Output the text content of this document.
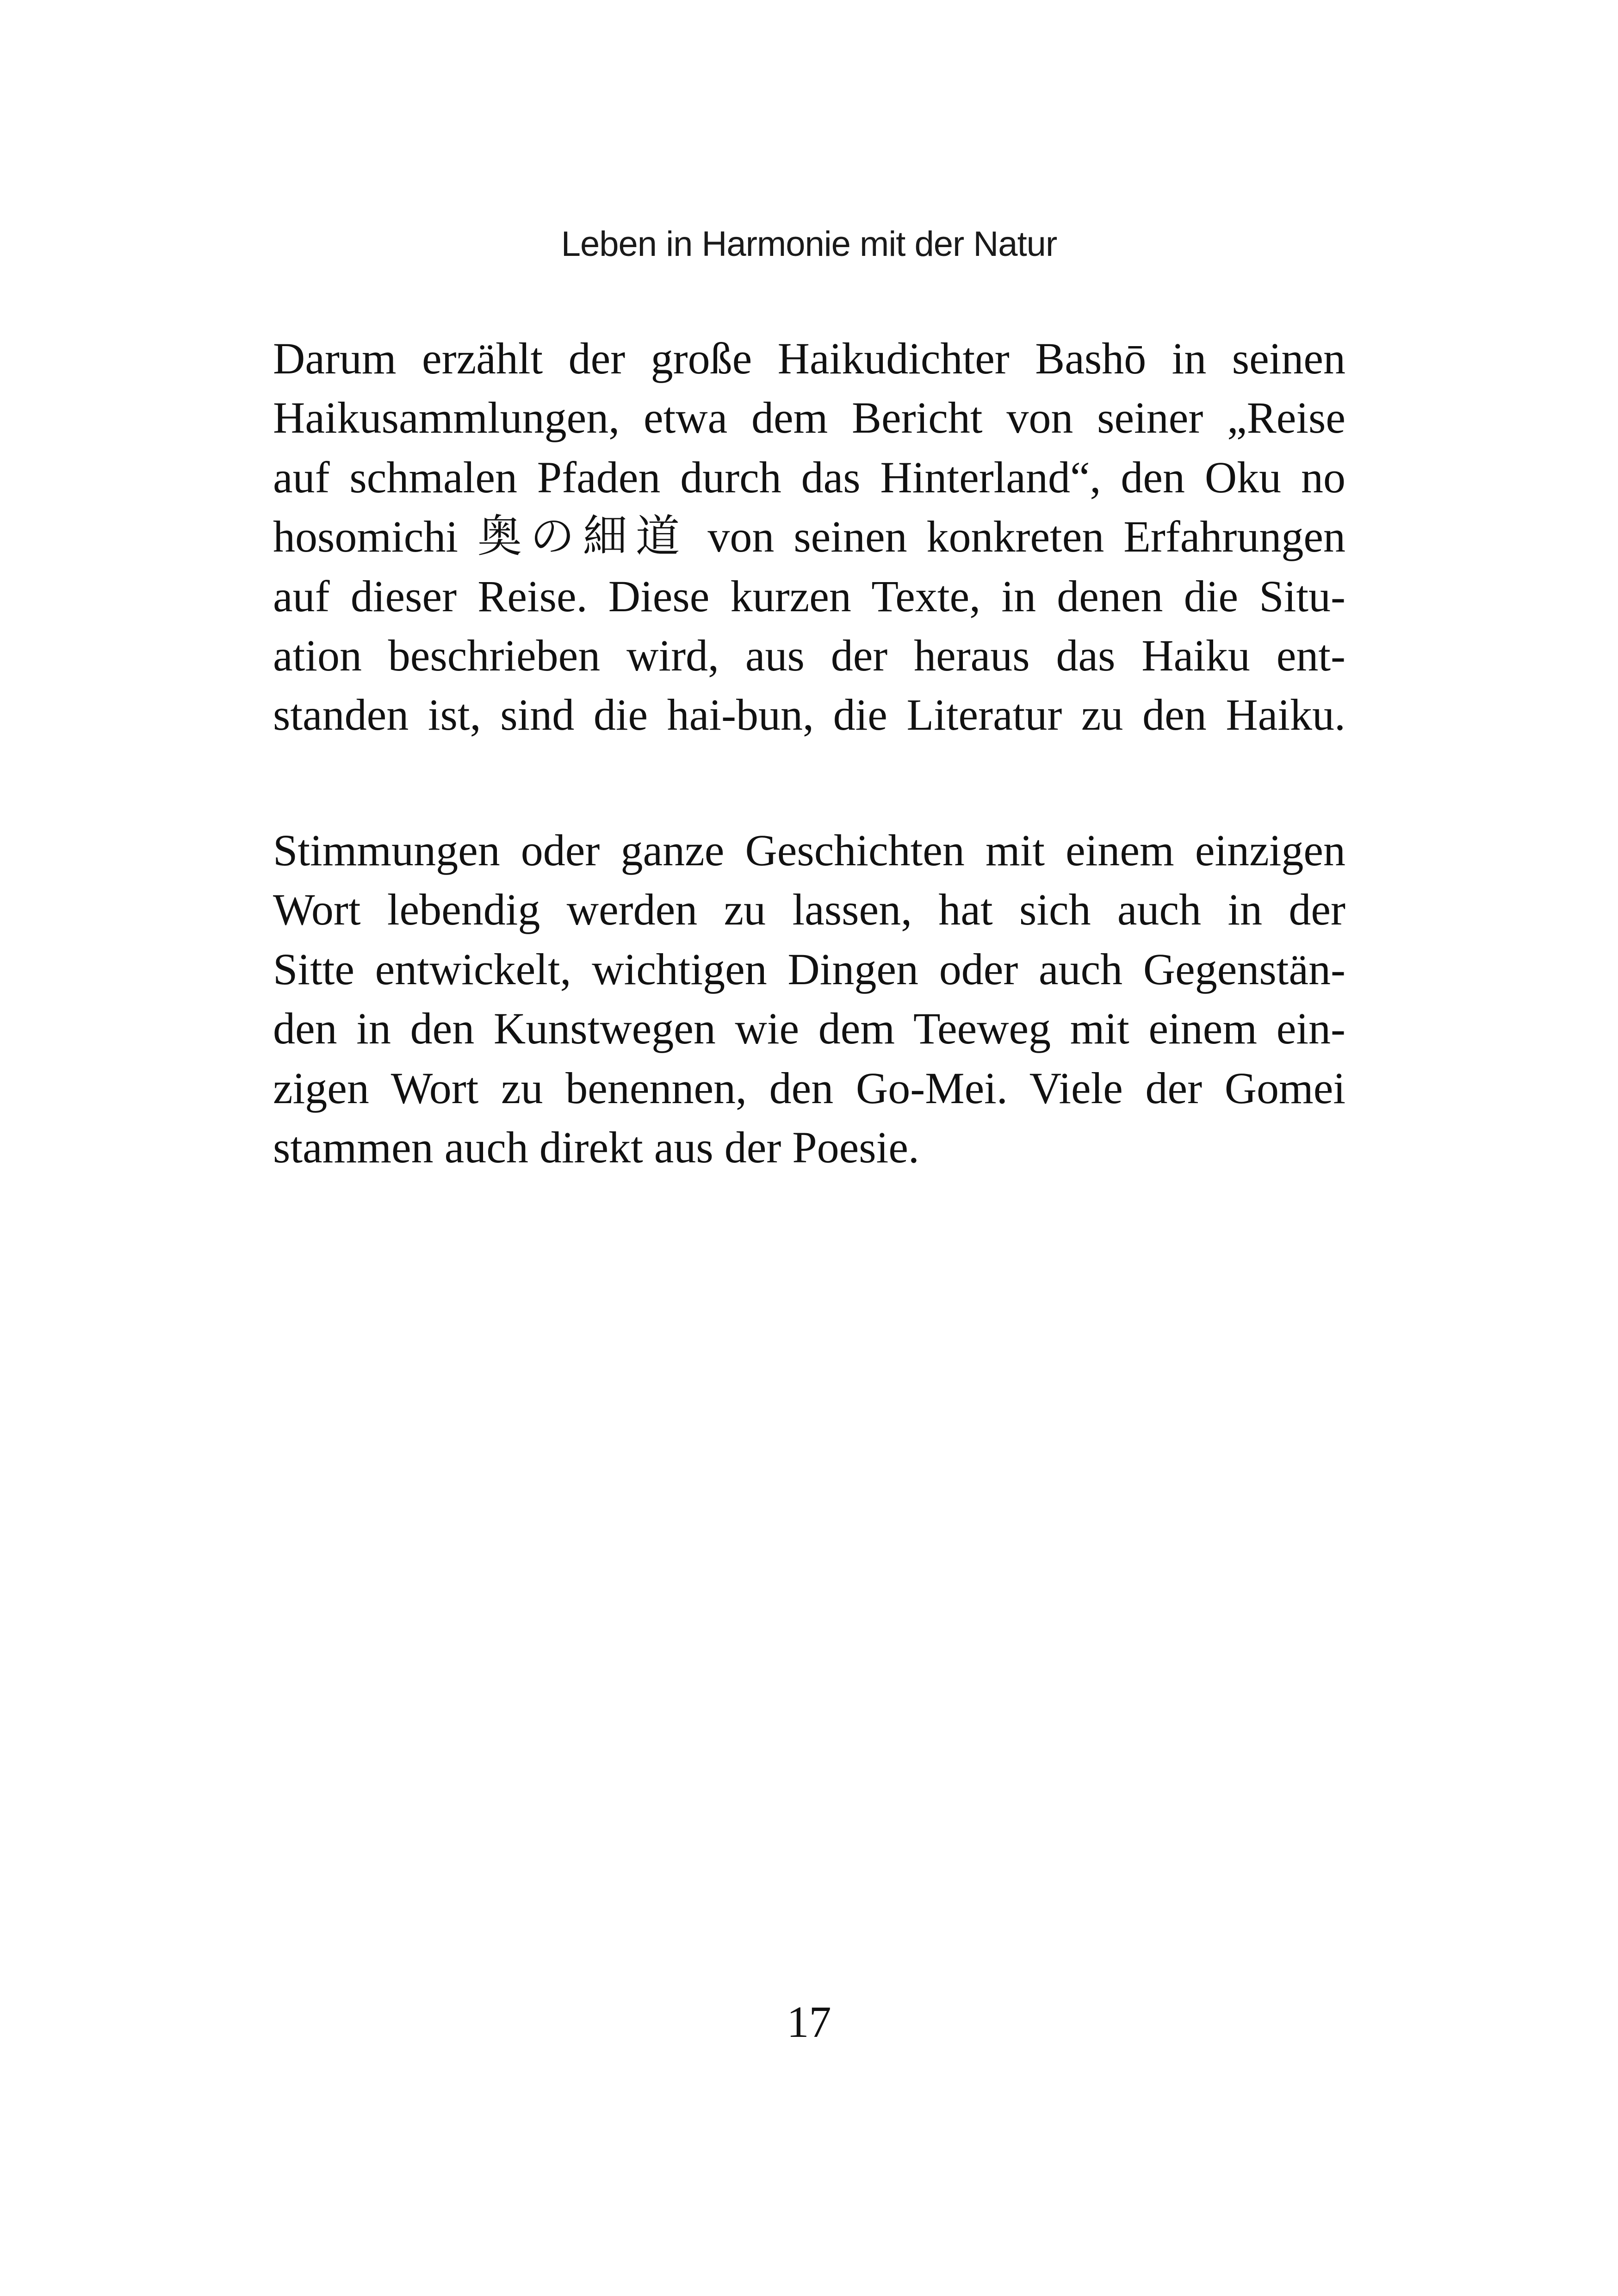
Leben in Harmonie mit der Natur
Darum erzählt der große Haikudichter Bashō in seinen
Haikusammlungen, etwa dem Bericht von seiner „Reise
auf schmalen Pfaden durch das Hinterland“, den Oku no
hosomichi 奥の細道 von seinen konkreten Erfahrungen
auf dieser Reise. Diese kurzen Texte, in denen die Situ-
ation beschrieben wird, aus der heraus das Haiku ent-
standen ist, sind die hai-bun, die Literatur zu den Haiku.
Stimmungen oder ganze Geschichten mit einem einzigen
Wort lebendig werden zu lassen, hat sich auch in der
Sitte entwickelt, wichtigen Dingen oder auch Gegenstän-
den in den Kunstwegen wie dem Teeweg mit einem ein-
zigen Wort zu benennen, den Go-Mei. Viele der Gomei
stammen auch direkt aus der Poesie.
17
